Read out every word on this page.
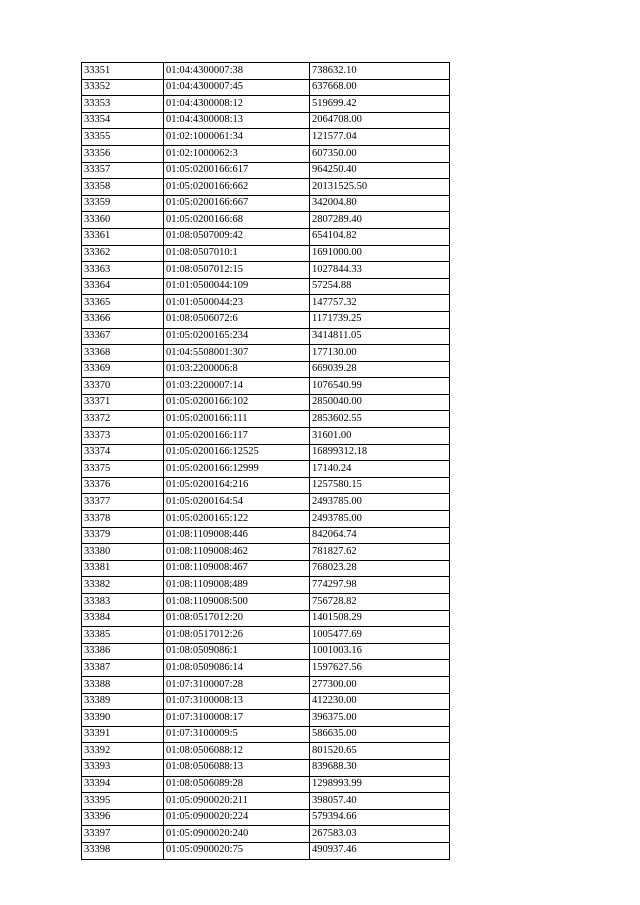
33351	01:04:4300007:38	738632.10
33352	01:04:4300007:45	637668.00
33353	01:04:4300008:12	519699.42
33354	01:04:4300008:13	2064708.00
33355	01:02:1000061:34	121577.04
33356	01:02:1000062:3	607350.00
33357	01:05:0200166:617	964250.40
33358	01:05:0200166:662	20131525.50
33359	01:05:0200166:667	342004.80
33360	01:05:0200166:68	2807289.40
33361	01:08:0507009:42	654104.82
33362	01:08:0507010:1	1691000.00
33363	01:08:0507012:15	1027844.33
33364	01:01:0500044:109	57254.88
33365	01:01:0500044:23	147757.32
33366	01:08:0506072:6	1171739.25
33367	01:05:0200165:234	3414811.05
33368	01:04:5508001:307	177130.00
33369	01:03:2200006:8	669039.28
33370	01:03:2200007:14	1076540.99
33371	01:05:0200166:102	2850040.00
33372	01:05:0200166:111	2853602.55
33373	01:05:0200166:117	31601.00
33374	01:05:0200166:12525	16899312.18
33375	01:05:0200166:12999	17140.24
33376	01:05:0200164:216	1257580.15
33377	01:05:0200164:54	2493785.00
33378	01:05:0200165:122	2493785.00
33379	01:08:1109008:446	842064.74
33380	01:08:1109008:462	781827.62
33381	01:08:1109008:467	768023.28
33382	01:08:1109008:489	774297.98
33383	01:08:1109008:500	756728.82
33384	01:08:0517012:20	1401508.29
33385	01:08:0517012:26	1005477.69
33386	01:08:0509086:1	1001003.16
33387	01:08:0509086:14	1597627.56
33388	01:07:3100007:28	277300.00
33389	01:07:3100008:13	412230.00
33390	01:07:3100008:17	396375.00
33391	01:07:3100009:5	586635.00
33392	01:08:0506088:12	801520.65
33393	01:08:0506088:13	839688.30
33394	01:08:0506089:28	1298993.99
33395	01:05:0900020:211	398057.40
33396	01:05:0900020:224	579394.66
33397	01:05:0900020:240	267583.03
33398	01:05:0900020:75	490937.46
